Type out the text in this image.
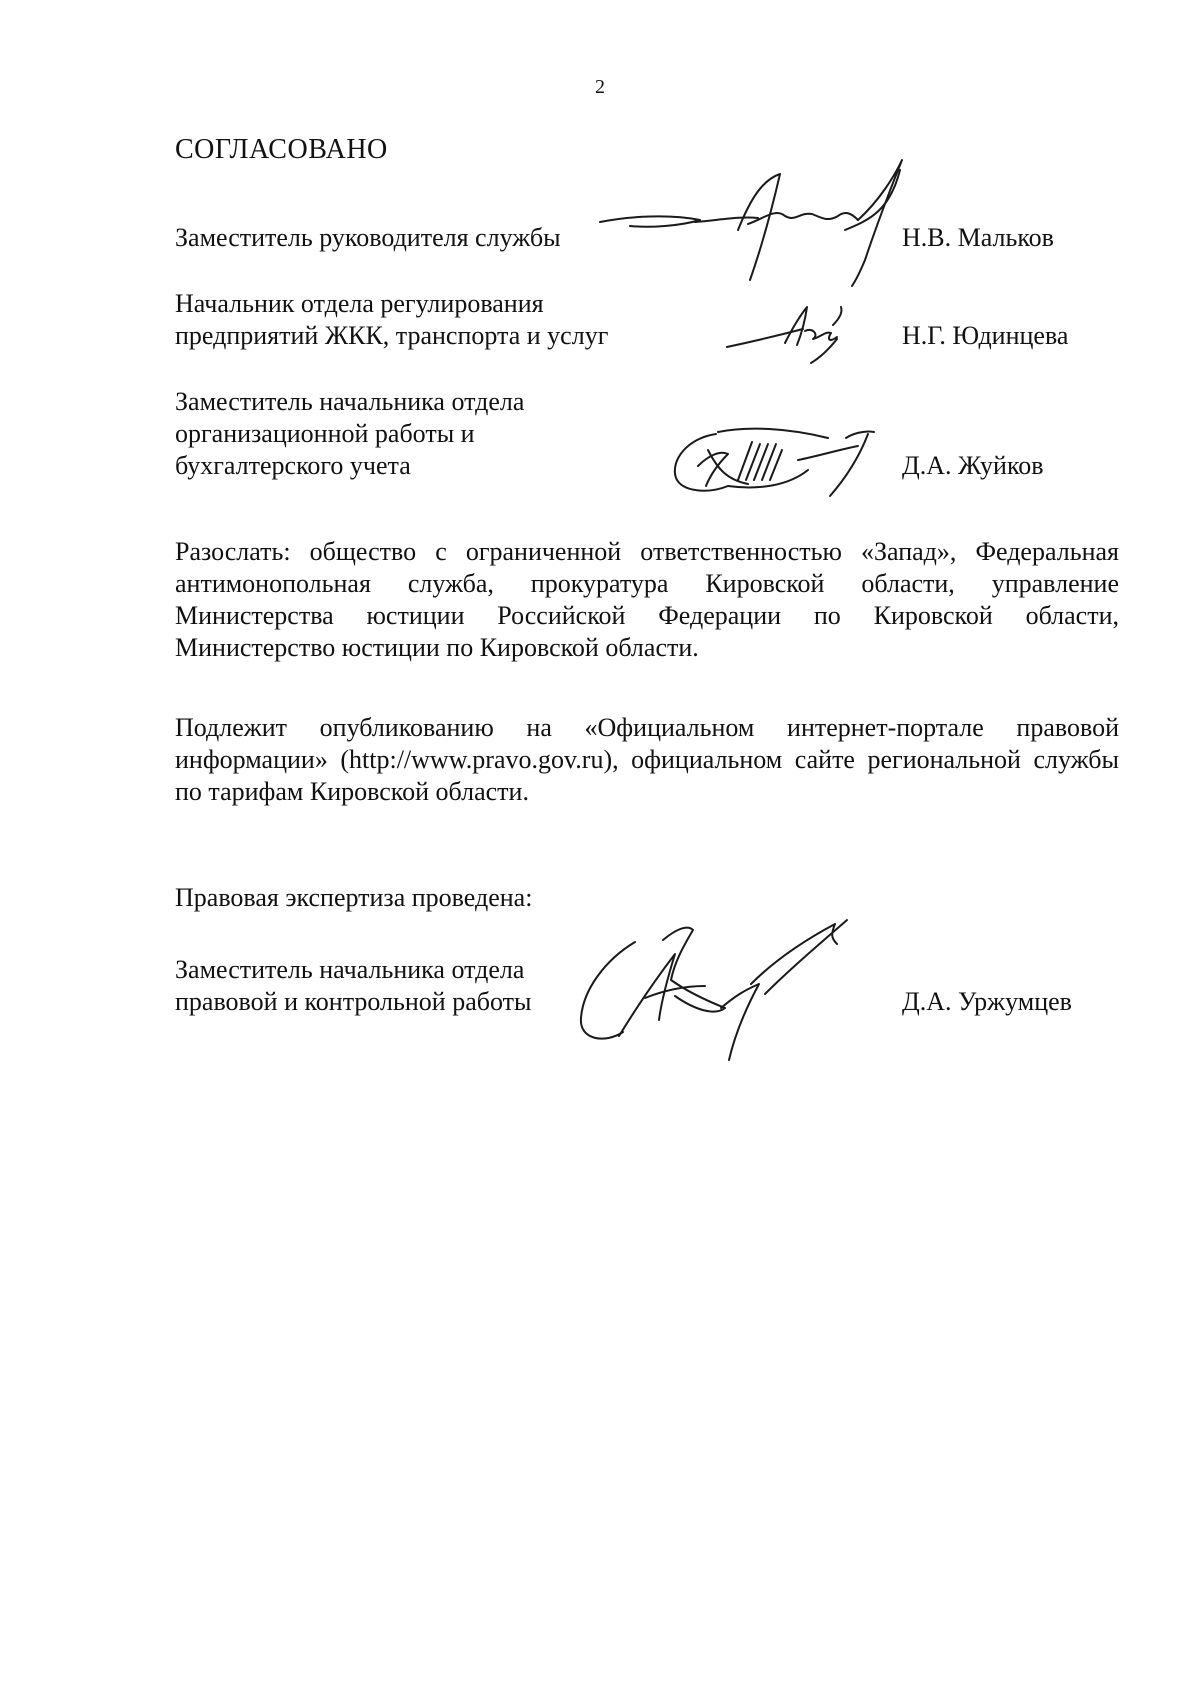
2
СОГЛАСОВАНО
Заместитель руководителя службы	Н.В. Мальков
Начальник отдела регулирования
предприятий ЖКК, транспорта и услуг	Н.Г. Юдинцева
Заместитель начальника отдела
организационной работы и
бухгалтерского учета	Д.А. Жуйков
Разослать: общество с ограниченной ответственностью «Запад», Федеральная антимонопольная служба, прокуратура Кировской области, управление Министерства юстиции Российской Федерации по Кировской области, Министерство юстиции по Кировской области.
Подлежит опубликованию на «Официальном интернет-портале правовой информации» (http://www.pravo.gov.ru), официальном сайте региональной службы по тарифам Кировской области.
Правовая экспертиза проведена:
Заместитель начальника отдела
правовой и контрольной работы	Д.А. Уржумцев
